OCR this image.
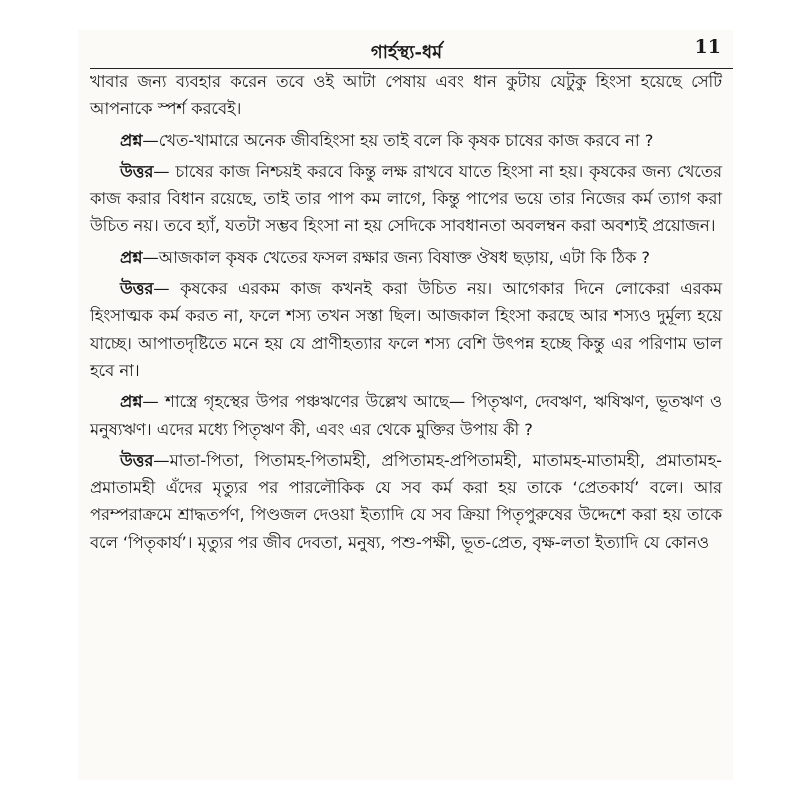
গার্হস্থ্য-ধর্ম	11

খাবার জন্য ব্যবহার করেন তবে ওই আটা পেষায় এবং ধান কুটায় যেটুকু হিংসা হয়েছে সেটি আপনাকে স্পর্শ করবেই।

প্রশ্ন—খেত-খামারে অনেক জীবহিংসা হয় তাই বলে কি কৃষক চাষের কাজ করবে না ?

উত্তর— চাষের কাজ নিশ্চয়ই করবে কিন্তু লক্ষ রাখবে যাতে হিংসা না হয়। কৃষকের জন্য খেতের কাজ করার বিধান রয়েছে, তাই তার পাপ কম লাগে, কিন্তু পাপের ভয়ে তার নিজের কর্ম ত্যাগ করা উচিত নয়। তবে হ্যাঁ, যতটা সম্ভব হিংসা না হয় সেদিকে সাবধানতা অবলম্বন করা অবশ্যই প্রয়োজন।

প্রশ্ন—আজকাল কৃষক খেতের ফসল রক্ষার জন্য বিষাক্ত ঔষধ ছড়ায়, এটা কি ঠিক ?

উত্তর— কৃষকের এরকম কাজ কখনই করা উচিত নয়। আগেকার দিনে লোকেরা এরকম হিংসাত্মক কর্ম করত না, ফলে শস্য তখন সস্তা ছিল। আজকাল হিংসা করছে আর শস্যও দুর্মূল্য হয়ে যাচ্ছে। আপাতদৃষ্টিতে মনে হয় যে প্রাণীহত্যার ফলে শস্য বেশি উৎপন্ন হচ্ছে কিন্তু এর পরিণাম ভাল হবে না।

প্রশ্ন— শাস্ত্রে গৃহস্থের উপর পঞ্চঋণের উল্লেখ আছে— পিতৃঋণ, দেবঋণ, ঋষিঋণ, ভূতঋণ ও মনুষ্যঋণ। এদের মধ্যে পিতৃঋণ কী, এবং এর থেকে মুক্তির উপায় কী ?

উত্তর—মাতা-পিতা, পিতামহ-পিতামহী, প্রপিতামহ-প্রপিতামহী, মাতামহ-মাতামহী, প্রমাতামহ-প্রমাতামহী এঁদের মৃত্যুর পর পারলৌকিক যে সব কর্ম করা হয় তাকে ‘প্রেতকার্য’ বলে। আর পরম্পরাক্রমে শ্রাদ্ধতর্পণ, পিণ্ডজল দেওয়া ইত্যাদি যে সব ক্রিয়া পিতৃপুরুষের উদ্দেশে করা হয় তাকে বলে ‘পিতৃকার্য’। মৃত্যুর পর জীব দেবতা, মনুষ্য, পশু-পক্ষী, ভূত-প্রেত, বৃক্ষ-লতা ইত্যাদি যে কোনও
